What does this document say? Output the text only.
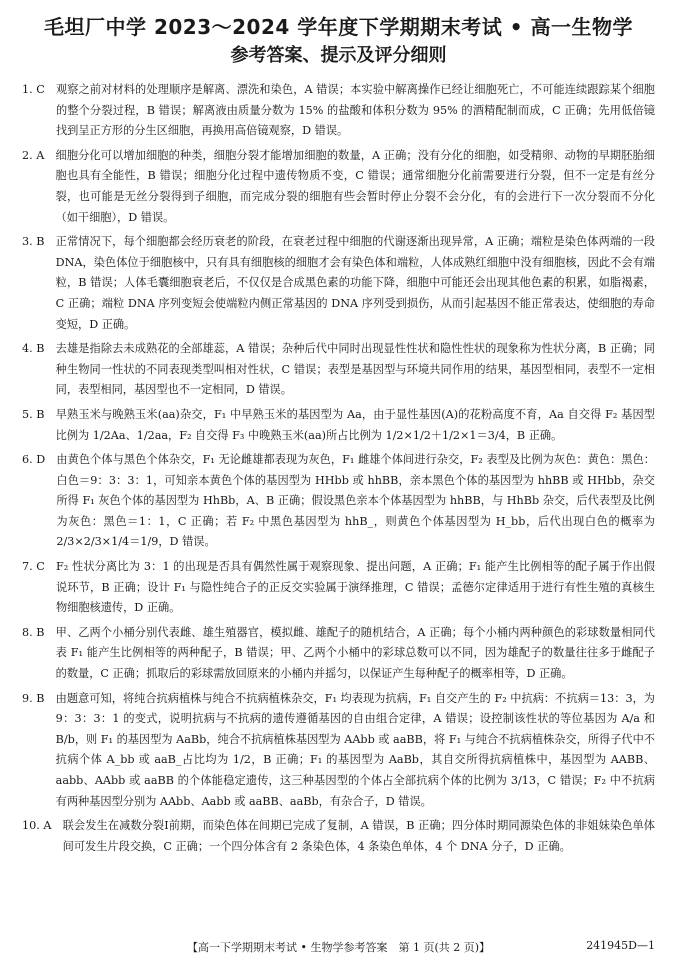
毛坦厂中学 2023～2024 学年度下学期期末考试 • 高一生物学
参考答案、提示及评分细则
1. C　 观察之前对材料的处理顺序是解离、漂洗和染色，A 错误；本实验中解离操作已经让细胞死亡，不可能连续跟踪某个细胞的整个分裂过程，B 错误；解离液由质量分数为 15% 的盐酸和体积分数为 95% 的酒精配制而成，C 正确；先用低倍镜找到呈正方形的分生区细胞，再换用高倍镜观察，D 错误。
2. A　 细胞分化可以增加细胞的种类，细胞分裂才能增加细胞的数量，A 正确；没有分化的细胞，如受精卵、动物的早期胚胎细胞也具有全能性，B 错误；细胞分化过程中遗传物质不变，C 错误；通常细胞分化前需要进行分裂，但不一定是有丝分裂，也可能是无丝分裂得到子细胞，而完成分裂的细胞有些会暂时停止分裂不会分化，有的会进行下一次分裂而不分化（如干细胞），D 错误。
3. B　 正常情况下，每个细胞都会经历衰老的阶段，在衰老过程中细胞的代谢逐渐出现异常，A 正确；端粒是染色体两端的一段 DNA，染色体位于细胞核中，只有具有细胞核的细胞才会有染色体和端粒，人体成熟红细胞中没有细胞核，因此不会有端粒，B 错误；人体毛囊细胞衰老后，不仅仅是合成黑色素的功能下降，细胞中可能还会出现其他色素的积累，如脂褐素，C 正确；端粒 DNA 序列变短会使端粒内侧正常基因的 DNA 序列受到损伤，从而引起基因不能正常表达，使细胞的寿命变短，D 正确。
4. B　 去雄是指除去未成熟花的全部雄蕊，A 错误；杂种后代中同时出现显性性状和隐性性状的现象称为性状分离，B 正确；同种生物同一性状的不同表现类型叫相对性状，C 错误；表型是基因型与环境共同作用的结果，基因型相同，表型不一定相同，表型相同，基因型也不一定相同，D 错误。
5. B　 早熟玉米与晚熟玉米(aa)杂交，F₁ 中早熟玉米的基因型为 Aa，由于显性基因(A)的花粉高度不育，Aa 自交得 F₂ 基因型比例为 1/2Aa、1/2aa，F₂ 自交得 F₃ 中晚熟玉米(aa)所占比例为 1/2×1/2＋1/2×1＝3/4，B 正确。
6. D　 由黄色个体与黑色个体杂交，F₁ 无论雌雄都表现为灰色，F₁ 雌雄个体间进行杂交，F₂ 表型及比例为灰色：黄色：黑色：白色＝9：3：3：1，可知亲本黄色个体的基因型为 HHbb 或 hhBB，亲本黑色个体的基因型为 hhBB 或 HHbb，杂交所得 F₁ 灰色个体的基因型为 HhBb，A、B 正确；假设黑色亲本个体基因型为 hhBB，与 HhBb 杂交，后代表型及比例为灰色：黑色＝1：1，C 正确；若 F₂ 中黑色基因型为 hhB_，则黄色个体基因型为 H_bb，后代出现白色的概率为 2/3×2/3×1/4＝1/9，D 错误。
7. C　 F₂ 性状分离比为 3：1 的出现是否具有偶然性属于观察现象、提出问题，A 正确；F₁ 能产生比例相等的配子属于作出假说环节，B 正确；设计 F₁ 与隐性纯合子的正反交实验属于演绎推理，C 错误；孟德尔定律适用于进行有性生殖的真核生物细胞核遗传，D 正确。
8. B　 甲、乙两个小桶分别代表雌、雄生殖器官，模拟雌、雄配子的随机结合，A 正确；每个小桶内两种颜色的彩球数量相同代表 F₁ 能产生比例相等的两种配子，B 错误；甲、乙两个小桶中的彩球总数可以不同，因为雄配子的数量往往多于雌配子的数量，C 正确；抓取后的彩球需放回原来的小桶内并摇匀，以保证产生每种配子的概率相等，D 正确。
9. B　 由题意可知，将纯合抗病植株与纯合不抗病植株杂交，F₁ 均表现为抗病，F₁ 自交产生的 F₂ 中抗病：不抗病＝13：3，为 9：3：3：1 的变式，说明抗病与不抗病的遗传遵循基因的自由组合定律，A 错误；设控制该性状的等位基因为 A/a 和 B/b，则 F₁ 的基因型为 AaBb，纯合不抗病植株基因型为 AAbb 或 aaBB，将 F₁ 与纯合不抗病植株杂交，所得子代中不抗病个体 A_bb 或 aaB_占比均为 1/2，B 正确；F₁ 的基因型为 AaBb，其自交所得抗病植株中，基因型为 AABB、aabb、AAbb 或 aaBB 的个体能稳定遗传，这三种基因型的个体占全部抗病个体的比例为 3/13，C 错误；F₂ 中不抗病有两种基因型分别为 AAbb、Aabb 或 aaBB、aaBb，有杂合子，D 错误。
10. A　 联会发生在减数分裂Ⅰ前期，而染色体在间期已完成了复制，A 错误，B 正确；四分体时期同源染色体的非姐妹染色单体间可发生片段交换，C 正确；一个四分体含有 2 条染色体，4 条染色单体，4 个 DNA 分子，D 正确。
【高一下学期期末考试 • 生物学参考答案　第 1 页(共 2 页)】	241945D—1
